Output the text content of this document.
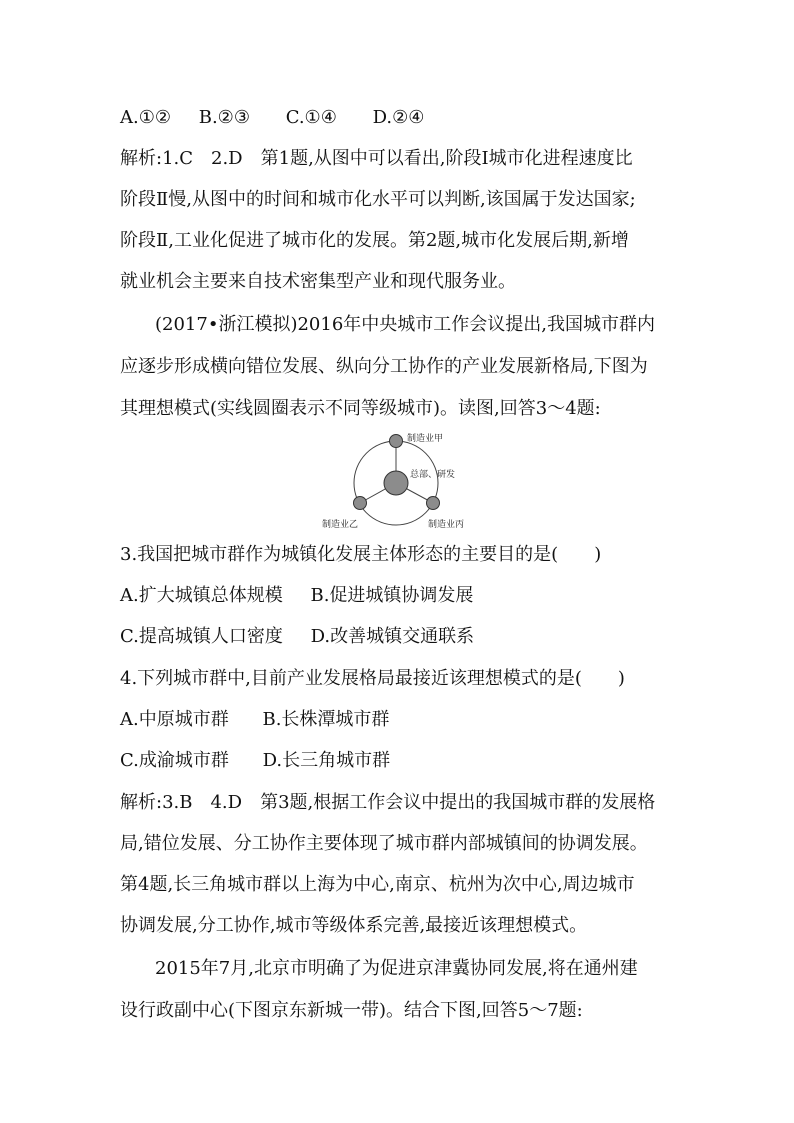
A.①② B.②③ C.①④ D.②④
解析:1.C　2.D　第1题,从图中可以看出,阶段Ⅰ城市化进程速度比
阶段Ⅱ慢,从图中的时间和城市化水平可以判断,该国属于发达国家;
阶段Ⅱ,工业化促进了城市化的发展。第2题,城市化发展后期,新增
就业机会主要来自技术密集型产业和现代服务业。
(2017•浙江模拟)2016年中央城市工作会议提出,我国城市群内
应逐步形成横向错位发展、纵向分工协作的产业发展新格局,下图为
其理想模式(实线圆圈表示不同等级城市)。读图,回答3～4题:
制造业甲
总部、研发
制造业乙	制造业丙
3.我国把城市群作为城镇化发展主体形态的主要目的是(　　)
A.扩大城镇总体规模 B.促进城镇协调发展
C.提高城镇人口密度 D.改善城镇交通联系
4.下列城市群中,目前产业发展格局最接近该理想模式的是(　　)
A.中原城市群 B.长株潭城市群
C.成渝城市群 D.长三角城市群
解析:3.B　4.D　第3题,根据工作会议中提出的我国城市群的发展格
局,错位发展、分工协作主要体现了城市群内部城镇间的协调发展。
第4题,长三角城市群以上海为中心,南京、杭州为次中心,周边城市
协调发展,分工协作,城市等级体系完善,最接近该理想模式。
2015年7月,北京市明确了为促进京津冀协同发展,将在通州建
设行政副中心(下图京东新城一带)。结合下图,回答5～7题:
